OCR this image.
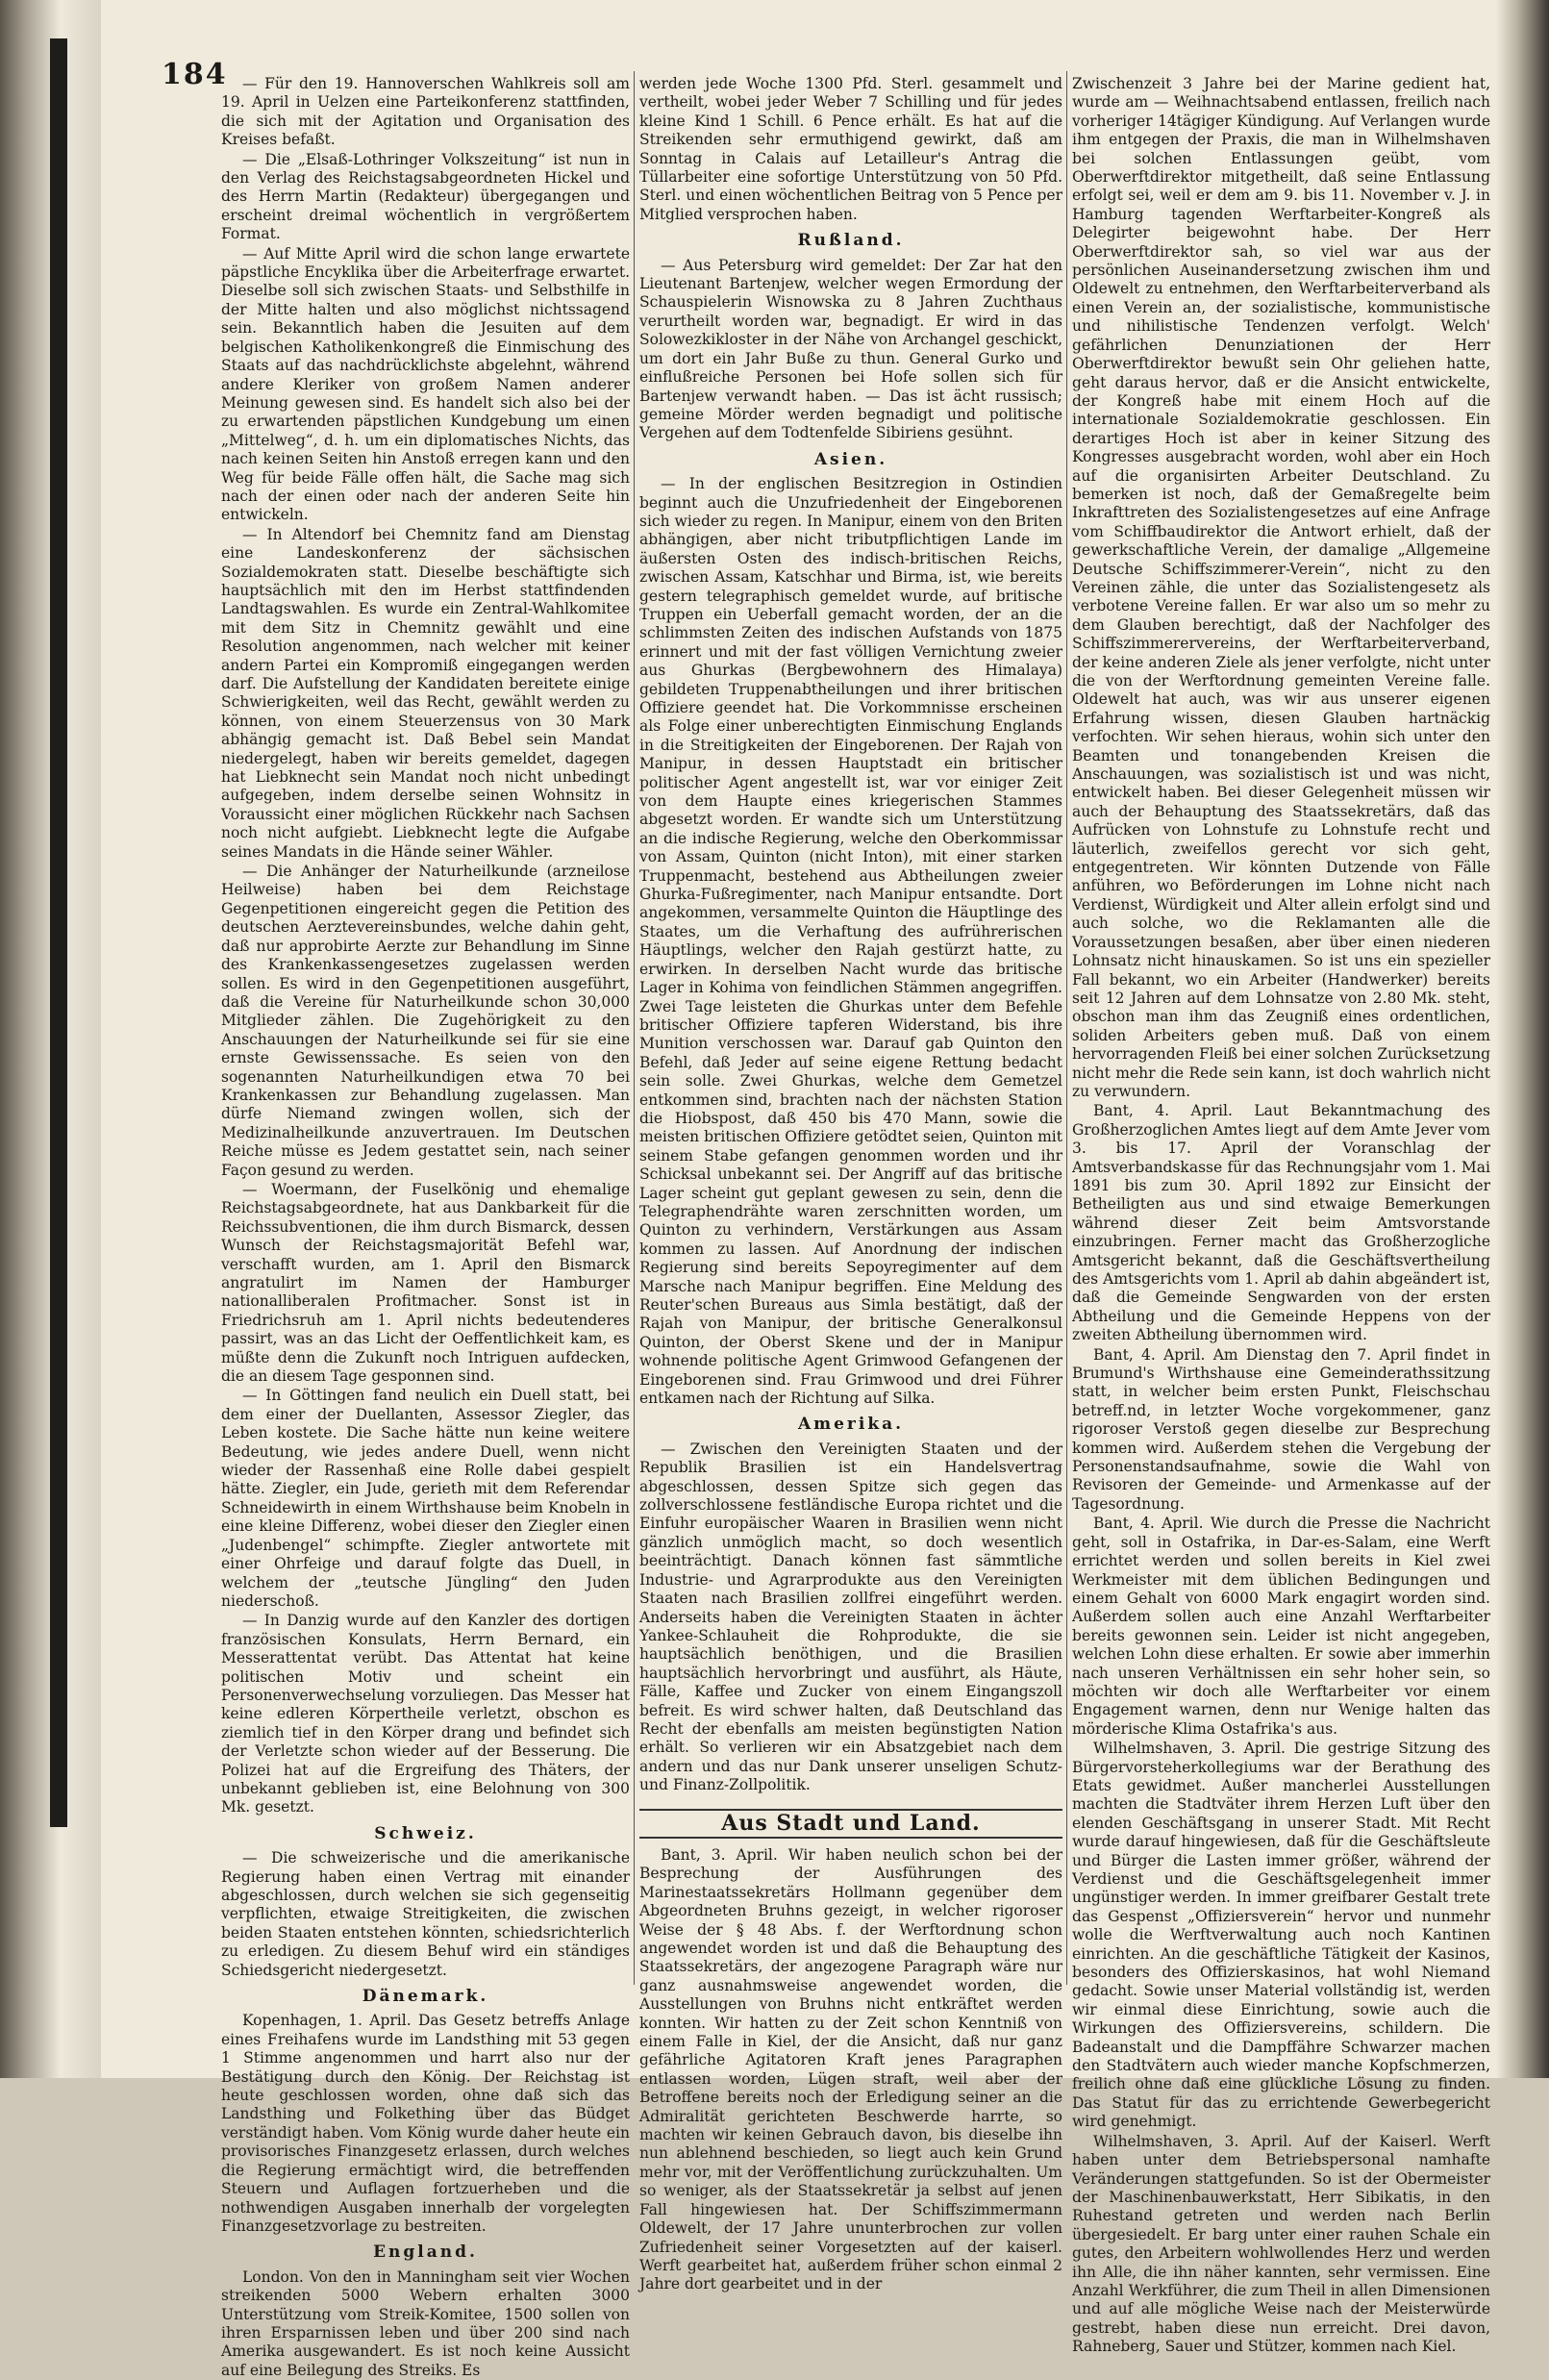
184 — Für den 19. Hannoverschen Wahlkreis soll am 19. April in Uelzen eine Parteikonferenz stattfinden, die sich mit der Agitation und Organisation des Kreises befaßt.

— Die „Elsaß-Lothringer Volkszeitung“ ist nun in den Verlag des Reichstagsabgeordneten Hickel und des Herrn Martin (Redakteur) übergegangen und erscheint dreimal wöchentlich in vergrößertem Format.

— Auf Mitte April wird die schon lange erwartete päpstliche Encyklika über die Arbeiterfrage erwartet. Dieselbe soll sich zwischen Staats- und Selbsthilfe in der Mitte halten und also möglichst nichtssagend sein. Bekanntlich haben die Jesuiten auf dem belgischen Katholikenkongreß die Einmischung des Staats auf das nachdrücklichste abgelehnt, während andere Kleriker von großem Namen anderer Meinung gewesen sind. Es handelt sich also bei der zu erwartenden päpstlichen Kundgebung um einen „Mittelweg“, d. h. um ein diplomatisches Nichts, das nach keinen Seiten hin Anstoß erregen kann und den Weg für beide Fälle offen hält, die Sache mag sich nach der einen oder nach der anderen Seite hin entwickeln.

— In Altendorf bei Chemnitz fand am Dienstag eine Landeskonferenz der sächsischen Sozialdemokraten statt. Dieselbe beschäftigte sich hauptsächlich mit den im Herbst stattfindenden Landtagswahlen. Es wurde ein Zentral-Wahlkomitee mit dem Sitz in Chemnitz gewählt und eine Resolution angenommen, nach welcher mit keiner andern Partei ein Kompromiß eingegangen werden darf. Die Aufstellung der Kandidaten bereitete einige Schwierigkeiten, weil das Recht, gewählt werden zu können, von einem Steuerzensus von 30 Mark abhängig gemacht ist. Daß Bebel sein Mandat niedergelegt, haben wir bereits gemeldet, dagegen hat Liebknecht sein Mandat noch nicht unbedingt aufgegeben, indem derselbe seinen Wohnsitz in Voraussicht einer möglichen Rückkehr nach Sachsen noch nicht aufgiebt. Liebknecht legte die Aufgabe seines Mandats in die Hände seiner Wähler.

— Die Anhänger der Naturheilkunde (arzneilose Heilweise) haben bei dem Reichstage Gegenpetitionen eingereicht gegen die Petition des deutschen Aerztevereinsbundes, welche dahin geht, daß nur approbirte Aerzte zur Behandlung im Sinne des Krankenkassengesetzes zugelassen werden sollen. Es wird in den Gegenpetitionen ausgeführt, daß die Vereine für Naturheilkunde schon 30,000 Mitglieder zählen. Die Zugehörigkeit zu den Anschauungen der Naturheilkunde sei für sie eine ernste Gewissenssache. Es seien von den sogenannten Naturheilkundigen etwa 70 bei Krankenkassen zur Behandlung zugelassen. Man dürfe Niemand zwingen wollen, sich der Medizinalheilkunde anzuvertrauen. Im Deutschen Reiche müsse es Jedem gestattet sein, nach seiner Façon gesund zu werden.

— Woermann, der Fuselkönig und ehemalige Reichstagsabgeordnete, hat aus Dankbarkeit für die Reichssubventionen, die ihm durch Bismarck, dessen Wunsch der Reichstagsmajorität Befehl war, verschafft wurden, am 1. April den Bismarck angratulirt im Namen der Hamburger nationalliberalen Profitmacher. Sonst ist in Friedrichsruh am 1. April nichts bedeutenderes passirt, was an das Licht der Oeffentlichkeit kam, es müßte denn die Zukunft noch Intriguen aufdecken, die an diesem Tage gesponnen sind.

— In Göttingen fand neulich ein Duell statt, bei dem einer der Duellanten, Assessor Ziegler, das Leben kostete. Die Sache hätte nun keine weitere Bedeutung, wie jedes andere Duell, wenn nicht wieder der Rassenhaß eine Rolle dabei gespielt hätte. Ziegler, ein Jude, gerieth mit dem Referendar Schneidewirth in einem Wirthshause beim Knobeln in eine kleine Differenz, wobei dieser den Ziegler einen „Judenbengel“ schimpfte. Ziegler antwortete mit einer Ohrfeige und darauf folgte das Duell, in welchem der „teutsche Jüngling“ den Juden niederschoß.

— In Danzig wurde auf den Kanzler des dortigen französischen Konsulats, Herrn Bernard, ein Messerattentat verübt. Das Attentat hat keine politischen Motiv und scheint ein Personenverwechselung vorzuliegen. Das Messer hat keine edleren Körpertheile verletzt, obschon es ziemlich tief in den Körper drang und befindet sich der Verletzte schon wieder auf der Besserung. Die Polizei hat auf die Ergreifung des Thäters, der unbekannt geblieben ist, eine Belohnung von 300 Mk. gesetzt.

Schweiz.

— Die schweizerische und die amerikanische Regierung haben einen Vertrag mit einander abgeschlossen, durch welchen sie sich gegenseitig verpflichten, etwaige Streitigkeiten, die zwischen beiden Staaten entstehen könnten, schiedsrichterlich zu erledigen. Zu diesem Behuf wird ein ständiges Schiedsgericht niedergesetzt.

Dänemark.

Kopenhagen, 1. April. Das Gesetz betreffs Anlage eines Freihafens wurde im Landsthing mit 53 gegen 1 Stimme angenommen und harrt also nur der Bestätigung durch den König. Der Reichstag ist heute geschlossen worden, ohne daß sich das Landsthing und Folkething über das Büdget verständigt haben. Vom König wurde daher heute ein provisorisches Finanzgesetz erlassen, durch welches die Regierung ermächtigt wird, die betreffenden Steuern und Auflagen fortzuerheben und die nothwendigen Ausgaben innerhalb der vorgelegten Finanzgesetzvorlage zu bestreiten.

England.

London. Von den in Manningham seit vier Wochen streikenden 5000 Webern erhalten 3000 Unterstützung vom Streik-Komitee, 1500 sollen von ihren Ersparnissen leben und über 200 sind nach Amerika ausgewandert. Es ist noch keine Aussicht auf eine Beilegung des Streiks. Es

werden jede Woche 1300 Pfd. Sterl. gesammelt und vertheilt, wobei jeder Weber 7 Schilling und für jedes kleine Kind 1 Schill. 6 Pence erhält. Es hat auf die Streikenden sehr ermuthigend gewirkt, daß am Sonntag in Calais auf Letailleur's Antrag die Tüllarbeiter eine sofortige Unterstützung von 50 Pfd. Sterl. und einen wöchentlichen Beitrag von 5 Pence per Mitglied versprochen haben.

Rußland.

— Aus Petersburg wird gemeldet: Der Zar hat den Lieutenant Bartenjew, welcher wegen Ermordung der Schauspielerin Wisnowska zu 8 Jahren Zuchthaus verurtheilt worden war, begnadigt. Er wird in das Solowezkikloster in der Nähe von Archangel geschickt, um dort ein Jahr Buße zu thun. General Gurko und einflußreiche Personen bei Hofe sollen sich für Bartenjew verwandt haben. — Das ist ächt russisch; gemeine Mörder werden begnadigt und politische Vergehen auf dem Todtenfelde Sibiriens gesühnt.

Asien.

— In der englischen Besitzregion in Ostindien beginnt auch die Unzufriedenheit der Eingeborenen sich wieder zu regen. In Manipur, einem von den Briten abhängigen, aber nicht tributpflichtigen Lande im äußersten Osten des indisch-britischen Reichs, zwischen Assam, Katschhar und Birma, ist, wie bereits gestern telegraphisch gemeldet wurde, auf britische Truppen ein Ueberfall gemacht worden, der an die schlimmsten Zeiten des indischen Aufstands von 1875 erinnert und mit der fast völligen Vernichtung zweier aus Ghurkas (Bergbewohnern des Himalaya) gebildeten Truppenabtheilungen und ihrer britischen Offiziere geendet hat. Die Vorkommnisse erscheinen als Folge einer unberechtigten Einmischung Englands in die Streitigkeiten der Eingeborenen. Der Rajah von Manipur, in dessen Hauptstadt ein britischer politischer Agent angestellt ist, war vor einiger Zeit von dem Haupte eines kriegerischen Stammes abgesetzt worden. Er wandte sich um Unterstützung an die indische Regierung, welche den Oberkommissar von Assam, Quinton (nicht Inton), mit einer starken Truppenmacht, bestehend aus Abtheilungen zweier Ghurka-Fußregimenter, nach Manipur entsandte. Dort angekommen, versammelte Quinton die Häuptlinge des Staates, um die Verhaftung des aufrührerischen Häuptlings, welcher den Rajah gestürzt hatte, zu erwirken. In derselben Nacht wurde das britische Lager in Kohima von feindlichen Stämmen angegriffen. Zwei Tage leisteten die Ghurkas unter dem Befehle britischer Offiziere tapferen Widerstand, bis ihre Munition verschossen war. Darauf gab Quinton den Befehl, daß Jeder auf seine eigene Rettung bedacht sein solle. Zwei Ghurkas, welche dem Gemetzel entkommen sind, brachten nach der nächsten Station die Hiobspost, daß 450 bis 470 Mann, sowie die meisten britischen Offiziere getödtet seien, Quinton mit seinem Stabe gefangen genommen worden und ihr Schicksal unbekannt sei. Der Angriff auf das britische Lager scheint gut geplant gewesen zu sein, denn die Telegraphendrähte waren zerschnitten worden, um Quinton zu verhindern, Verstärkungen aus Assam kommen zu lassen. Auf Anordnung der indischen Regierung sind bereits Sepoyregimenter auf dem Marsche nach Manipur begriffen. Eine Meldung des Reuter'schen Bureaus aus Simla bestätigt, daß der Rajah von Manipur, der britische Generalkonsul Quinton, der Oberst Skene und der in Manipur wohnende politische Agent Grimwood Gefangenen der Eingeborenen sind. Frau Grimwood und drei Führer entkamen nach der Richtung auf Silka.

Amerika.

— Zwischen den Vereinigten Staaten und der Republik Brasilien ist ein Handelsvertrag abgeschlossen, dessen Spitze sich gegen das zollverschlossene festländische Europa richtet und die Einfuhr europäischer Waaren in Brasilien wenn nicht gänzlich unmöglich macht, so doch wesentlich beeinträchtigt. Danach können fast sämmtliche Industrie- und Agrarprodukte aus den Vereinigten Staaten nach Brasilien zollfrei eingeführt werden. Anderseits haben die Vereinigten Staaten in ächter Yankee-Schlauheit die Rohprodukte, die sie hauptsächlich benöthigen, und die Brasilien hauptsächlich hervorbringt und ausführt, als Häute, Fälle, Kaffee und Zucker von einem Eingangszoll befreit. Es wird schwer halten, daß Deutschland das Recht der ebenfalls am meisten begünstigten Nation erhält. So verlieren wir ein Absatzgebiet nach dem andern und das nur Dank unserer unseligen Schutz- und Finanz-Zollpolitik.

Aus Stadt und Land.

Bant, 3. April. Wir haben neulich schon bei der Besprechung der Ausführungen des Marinestaatssekretärs Hollmann gegenüber dem Abgeordneten Bruhns gezeigt, in welcher rigoroser Weise der § 48 Abs. f. der Werftordnung schon angewendet worden ist und daß die Behauptung des Staatssekretärs, der angezogene Paragraph wäre nur ganz ausnahmsweise angewendet worden, die Ausstellungen von Bruhns nicht entkräftet werden konnten. Wir hatten zu der Zeit schon Kenntniß von einem Falle in Kiel, der die Ansicht, daß nur ganz gefährliche Agitatoren Kraft jenes Paragraphen entlassen worden, Lügen straft, weil aber der Betroffene bereits noch der Erledigung seiner an die Admiralität gerichteten Beschwerde harrte, so machten wir keinen Gebrauch davon, bis dieselbe ihn nun ablehnend beschieden, so liegt auch kein Grund mehr vor, mit der Veröffentlichung zurückzuhalten. Um so weniger, als der Staatssekretär ja selbst auf jenen Fall hingewiesen hat. Der Schiffszimmermann Oldewelt, der 17 Jahre ununterbrochen zur vollen Zufriedenheit seiner Vorgesetzten auf der kaiserl. Werft gearbeitet hat, außerdem früher schon einmal 2 Jahre dort gearbeitet und in der

Zwischenzeit 3 Jahre bei der Marine gedient hat, wurde am — Weihnachtsabend entlassen, freilich nach vorheriger 14tägiger Kündigung. Auf Verlangen wurde ihm entgegen der Praxis, die man in Wilhelmshaven bei solchen Entlassungen geübt, vom Oberwerftdirektor mitgetheilt, daß seine Entlassung erfolgt sei, weil er dem am 9. bis 11. November v. J. in Hamburg tagenden Werftarbeiter-Kongreß als Delegirter beigewohnt habe. Der Herr Oberwerftdirektor sah, so viel war aus der persönlichen Auseinandersetzung zwischen ihm und Oldewelt zu entnehmen, den Werftarbeiterverband als einen Verein an, der sozialistische, kommunistische und nihilistische Tendenzen verfolgt. Welch' gefährlichen Denunziationen der Herr Oberwerftdirektor bewußt sein Ohr geliehen hatte, geht daraus hervor, daß er die Ansicht entwickelte, der Kongreß habe mit einem Hoch auf die internationale Sozialdemokratie geschlossen. Ein derartiges Hoch ist aber in keiner Sitzung des Kongresses ausgebracht worden, wohl aber ein Hoch auf die organisirten Arbeiter Deutschland. Zu bemerken ist noch, daß der Gemaßregelte beim Inkrafttreten des Sozialistengesetzes auf eine Anfrage vom Schiffbaudirektor die Antwort erhielt, daß der gewerkschaftliche Verein, der damalige „Allgemeine Deutsche Schiffszimmerer-Verein“, nicht zu den Vereinen zähle, die unter das Sozialistengesetz als verbotene Vereine fallen. Er war also um so mehr zu dem Glauben berechtigt, daß der Nachfolger des Schiffszimmerervereins, der Werftarbeiterverband, der keine anderen Ziele als jener verfolgte, nicht unter die von der Werftordnung gemeinten Vereine falle. Oldewelt hat auch, was wir aus unserer eigenen Erfahrung wissen, diesen Glauben hartnäckig verfochten. Wir sehen hieraus, wohin sich unter den Beamten und tonangebenden Kreisen die Anschauungen, was sozialistisch ist und was nicht, entwickelt haben. Bei dieser Gelegenheit müssen wir auch der Behauptung des Staatssekretärs, daß das Aufrücken von Lohnstufe zu Lohnstufe recht und läuterlich, zweifellos gerecht vor sich geht, entgegentreten. Wir könnten Dutzende von Fälle anführen, wo Beförderungen im Lohne nicht nach Verdienst, Würdigkeit und Alter allein erfolgt sind und auch solche, wo die Reklamanten alle die Voraussetzungen besaßen, aber über einen niederen Lohnsatz nicht hinauskamen. So ist uns ein spezieller Fall bekannt, wo ein Arbeiter (Handwerker) bereits seit 12 Jahren auf dem Lohnsatze von 2.80 Mk. steht, obschon man ihm das Zeugniß eines ordentlichen, soliden Arbeiters geben muß. Daß von einem hervorragenden Fleiß bei einer solchen Zurücksetzung nicht mehr die Rede sein kann, ist doch wahrlich nicht zu verwundern.

Bant, 4. April. Laut Bekanntmachung des Großherzoglichen Amtes liegt auf dem Amte Jever vom 3. bis 17. April der Voranschlag der Amtsverbandskasse für das Rechnungsjahr vom 1. Mai 1891 bis zum 30. April 1892 zur Einsicht der Betheiligten aus und sind etwaige Bemerkungen während dieser Zeit beim Amtsvorstande einzubringen. Ferner macht das Großherzogliche Amtsgericht bekannt, daß die Geschäftsvertheilung des Amtsgerichts vom 1. April ab dahin abgeändert ist, daß die Gemeinde Sengwarden von der ersten Abtheilung und die Gemeinde Heppens von der zweiten Abtheilung übernommen wird.

Bant, 4. April. Am Dienstag den 7. April findet in Brumund's Wirthshause eine Gemeinderathssitzung statt, in welcher beim ersten Punkt, Fleischschau betreff.nd, in letzter Woche vorgekommener, ganz rigoroser Verstoß gegen dieselbe zur Besprechung kommen wird. Außerdem stehen die Vergebung der Personenstandsaufnahme, sowie die Wahl von Revisoren der Gemeinde- und Armenkasse auf der Tagesordnung.

Bant, 4. April. Wie durch die Presse die Nachricht geht, soll in Ostafrika, in Dar-es-Salam, eine Werft errichtet werden und sollen bereits in Kiel zwei Werkmeister mit dem üblichen Bedingungen und einem Gehalt von 6000 Mark engagirt worden sind. Außerdem sollen auch eine Anzahl Werftarbeiter bereits gewonnen sein. Leider ist nicht angegeben, welchen Lohn diese erhalten. Er sowie aber immerhin nach unseren Verhältnissen ein sehr hoher sein, so möchten wir doch alle Werftarbeiter vor einem Engagement warnen, denn nur Wenige halten das mörderische Klima Ostafrika's aus.

Wilhelmshaven, 3. April. Die gestrige Sitzung des Bürgervorsteherkollegiums war der Berathung des Etats gewidmet. Außer mancherlei Ausstellungen machten die Stadtväter ihrem Herzen Luft über den elenden Geschäftsgang in unserer Stadt. Mit Recht wurde darauf hingewiesen, daß für die Geschäftsleute und Bürger die Lasten immer größer, während der Verdienst und die Geschäftsgelegenheit immer ungünstiger werden. In immer greifbarer Gestalt trete das Gespenst „Offiziersverein“ hervor und nunmehr wolle die Werftverwaltung auch noch Kantinen einrichten. An die geschäftliche Tätigkeit der Kasinos, besonders des Offizierskasinos, hat wohl Niemand gedacht. Sowie unser Material vollständig ist, werden wir einmal diese Einrichtung, sowie auch die Wirkungen des Offiziersvereins, schildern. Die Badeanstalt und die Dampffähre Schwarzer machen den Stadtvätern auch wieder manche Kopfschmerzen, freilich ohne daß eine glückliche Lösung zu finden. Das Statut für das zu errichtende Gewerbegericht wird genehmigt.

Wilhelmshaven, 3. April. Auf der Kaiserl. Werft haben unter dem Betriebspersonal namhafte Veränderungen stattgefunden. So ist der Obermeister der Maschinenbauwerkstatt, Herr Sibikatis, in den Ruhestand getreten und werden nach Berlin übergesiedelt. Er barg unter einer rauhen Schale ein gutes, den Arbeitern wohlwollendes Herz und werden ihn Alle, die ihn näher kannten, sehr vermissen. Eine Anzahl Werkführer, die zum Theil in allen Dimensionen und auf alle mögliche Weise nach der Meisterwürde gestrebt, haben diese nun erreicht. Drei davon, Rahneberg, Sauer und Stützer, kommen nach Kiel.
